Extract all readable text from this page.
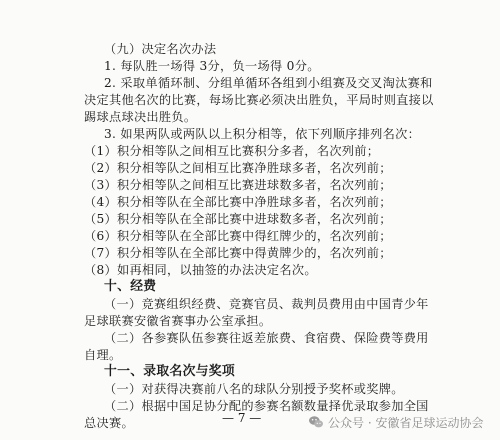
（九）决定名次办法

1. 每队胜一场得 3分，负一场得 0分。

2. 采取单循环制、分组单循环各组到小组赛及交叉淘汰赛和

决定其他名次的比赛，每场比赛必须决出胜负，平局时则直接以

踢球点球决出胜负。

3. 如果两队或两队以上积分相等，依下列顺序排列名次：

（1）积分相等队之间相互比赛积分多者，名次列前；

（2）积分相等队之间相互比赛净胜球多者，名次列前；

（3）积分相等队之间相互比赛进球数多者，名次列前；

（4）积分相等队在全部比赛中净胜球多者，名次列前；

（5）积分相等队在全部比赛中进球数多者，名次列前；

（6）积分相等队在全部比赛中得红牌少的，名次列前；

（7）积分相等队在全部比赛中得黄牌少的，名次列前；

（8）如再相同，以抽签的办法决定名次。

十、经费

（一）竞赛组织经费、竞赛官员、裁判员费用由中国青少年

足球联赛安徽省赛事办公室承担。

（二）各参赛队伍参赛往返差旅费、食宿费、保险费等费用

自理。

十一、录取名次与奖项

（一）对获得决赛前八名的球队分别授予奖杯或奖牌。

（二）根据中国足协分配的参赛名额数量择优录取参加全国

总决赛。	— 7 —	公众号 · 安徽省足球运动协会
